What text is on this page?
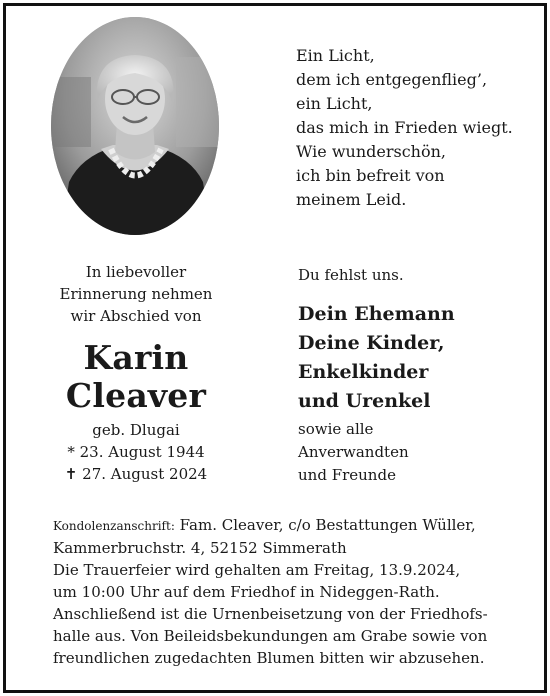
Ein Licht,
dem ich entgegenflieg’,
ein Licht,
das mich in Frieden wiegt.
Wie wunderschön,
ich bin befreit von
meinem Leid.
In liebevoller
Erinnerung nehmen
wir Abschied von
Karin
Cleaver
geb. Dlugai
* 23. August 1944
✝ 27. August 2024
Du fehlst uns.
Dein Ehemann
Deine Kinder,
Enkelkinder
und Urenkel
sowie alle
Anverwandten
und Freunde
Kondolenzanschrift: Fam. Cleaver, c/o Bestattungen Wüller,
Kammerbruchstr. 4, 52152 Simmerath
Die Trauerfeier wird gehalten am Freitag, 13.9.2024,
um 10:00 Uhr auf dem Friedhof in Nideggen-Rath.
Anschließend ist die Urnenbeisetzung von der Friedhofs-
halle aus. Von Beileidsbekundungen am Grabe sowie von
freundlichen zugedachten Blumen bitten wir abzusehen.
